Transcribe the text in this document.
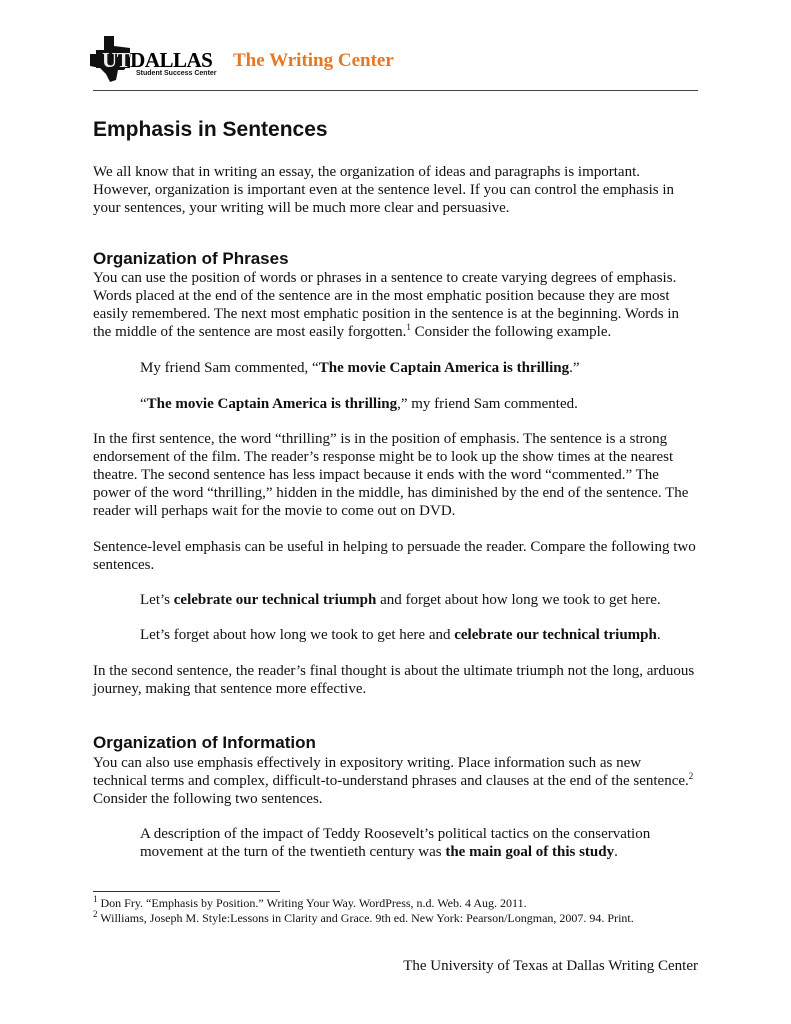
UTDALLAS
Student Success Center
The Writing Center
Emphasis in Sentences
We all know that in writing an essay, the organization of ideas and paragraphs is important. However, organization is important even at the sentence level. If you can control the emphasis in your sentences, your writing will be much more clear and persuasive.
Organization of Phrases
You can use the position of words or phrases in a sentence to create varying degrees of emphasis. Words placed at the end of the sentence are in the most emphatic position because they are most easily remembered. The next most emphatic position in the sentence is at the beginning. Words in the middle of the sentence are most easily forgotten.$^1$ Consider the following example.
My friend Sam commented, “The movie Captain America is thrilling.”
“The movie Captain America is thrilling,” my friend Sam commented.
In the first sentence, the word “thrilling” is in the position of emphasis. The sentence is a strong endorsement of the film. The reader’s response might be to look up the show times at the nearest theatre. The second sentence has less impact because it ends with the word “commented.” The power of the word “thrilling,” hidden in the middle, has diminished by the end of the sentence. The reader will perhaps wait for the movie to come out on DVD.
Sentence-level emphasis can be useful in helping to persuade the reader. Compare the following two sentences.
Let’s celebrate our technical triumph and forget about how long we took to get here.
Let’s forget about how long we took to get here and celebrate our technical triumph.
In the second sentence, the reader’s final thought is about the ultimate triumph not the long, arduous journey, making that sentence more effective.
Organization of Information
You can also use emphasis effectively in expository writing. Place information such as new technical terms and complex, difficult-to-understand phrases and clauses at the end of the sentence.$^2$ Consider the following two sentences.
A description of the impact of Teddy Roosevelt’s political tactics on the conservation movement at the turn of the twentieth century was the main goal of this study.
$^1$ Don Fry. “Emphasis by Position.” Writing Your Way. WordPress, n.d. Web. 4 Aug. 2011.
$^2$ Williams, Joseph M. Style:Lessons in Clarity and Grace. 9th ed. New York: Pearson/Longman, 2007. 94. Print.
The University of Texas at Dallas Writing Center
